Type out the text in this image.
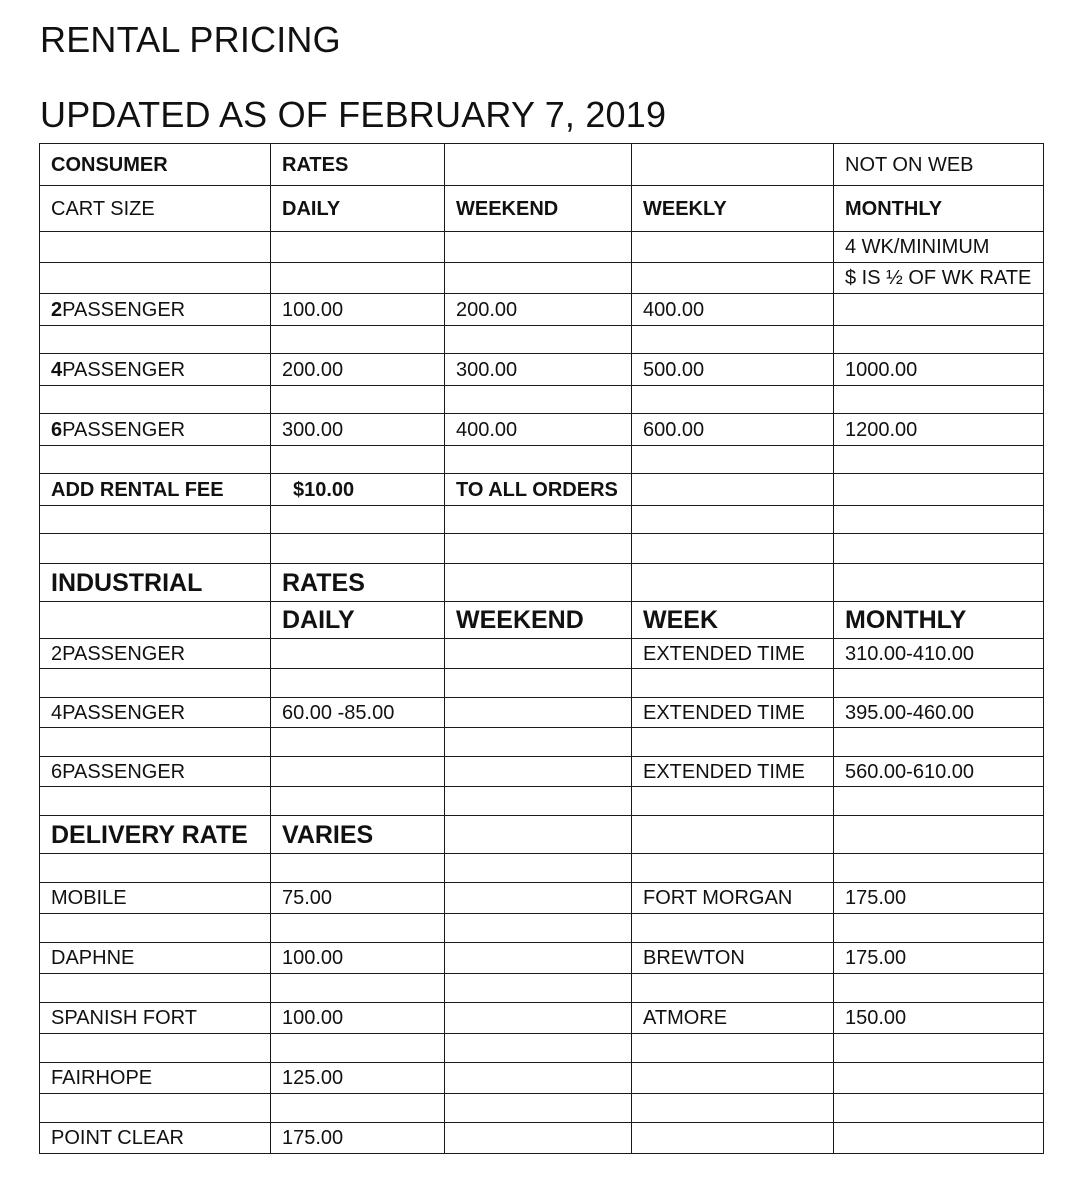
RENTAL PRICING
UPDATED AS OF FEBRUARY 7, 2019
CONSUMER	RATES			NOT ON WEB
CART SIZE	DAILY	WEEKEND	WEEKLY	MONTHLY
				4 WK/MINIMUM
				$ IS ½ OF WK RATE
2PASSENGER	100.00	200.00	400.00	

4PASSENGER	200.00	300.00	500.00	1000.00

6PASSENGER	300.00	400.00	600.00	1200.00

ADD RENTAL FEE	$10.00	TO ALL ORDERS		

INDUSTRIAL	RATES			
	DAILY	WEEKEND	WEEK	MONTHLY
2PASSENGER			EXTENDED TIME	310.00-410.00

4PASSENGER	60.00 -85.00		EXTENDED TIME	395.00-460.00

6PASSENGER			EXTENDED TIME	560.00-610.00

DELIVERY RATE	VARIES			

MOBILE	75.00		FORT MORGAN	175.00

DAPHNE	100.00		BREWTON	175.00

SPANISH FORT	100.00		ATMORE	150.00

FAIRHOPE	125.00			

POINT CLEAR	175.00			
